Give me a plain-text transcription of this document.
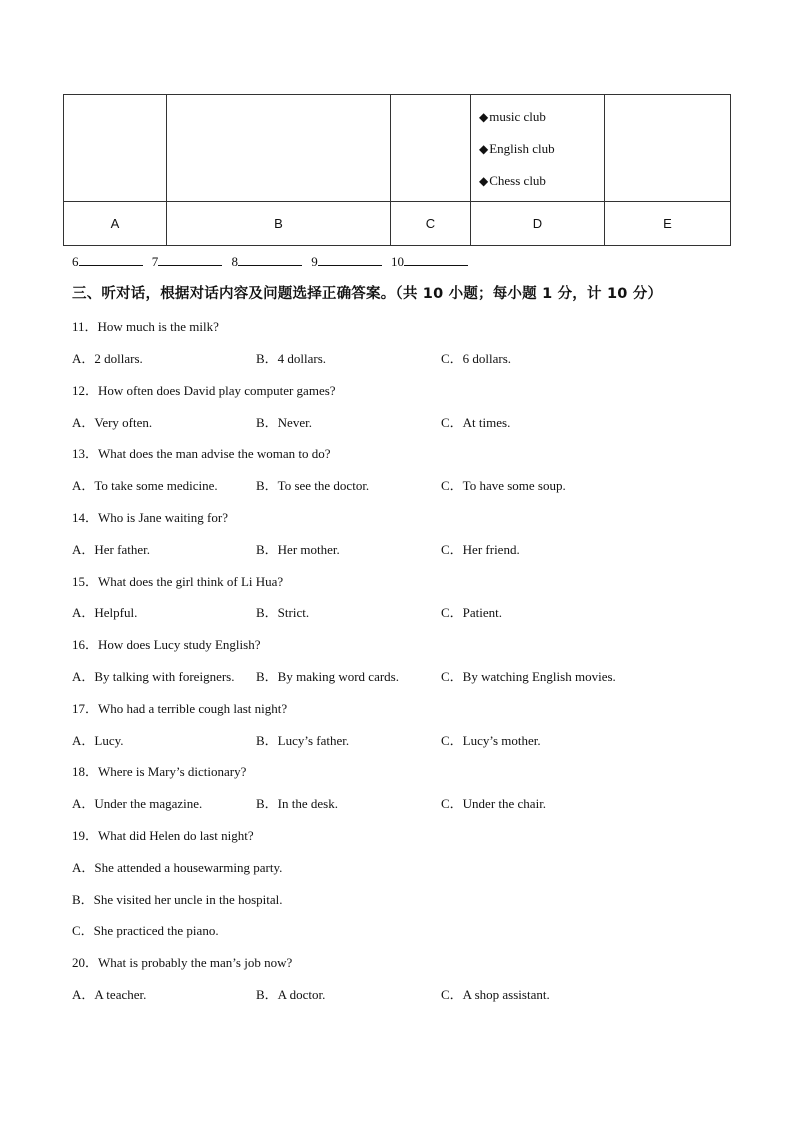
			◆music club
◆English club
◆Chess club	

A	B	C	D	E
6	7	8	9	10
三、听对话，根据对话内容及问题选择正确答案。（共 10 小题；每小题 1 分，计 10 分）
11．How much is the milk?
A．2 dollars.	B．4 dollars.	C．6 dollars.
12．How often does David play computer games?
A．Very often.	B．Never.	C．At times.
13．What does the man advise the woman to do?
A．To take some medicine.	B．To see the doctor.	C．To have some soup.
14．Who is Jane waiting for?
A．Her father.	B．Her mother.	C．Her friend.
15．What does the girl think of Li Hua?
A．Helpful.	B．Strict.	C．Patient.
16．How does Lucy study English?
A．By talking with foreigners. B．By making word cards.	C．By watching English movies.
17．Who had a terrible cough last night?
A．Lucy.	B．Lucy’s father.	C．Lucy’s mother.
18．Where is Mary’s dictionary?
A．Under the magazine.	B．In the desk.	C．Under the chair.
19．What did Helen do last night?
A．She attended a housewarming party.
B．She visited her uncle in the hospital.
C．She practiced the piano.
20．What is probably the man’s job now?
A．A teacher.	B．A doctor.	C．A shop assistant.
